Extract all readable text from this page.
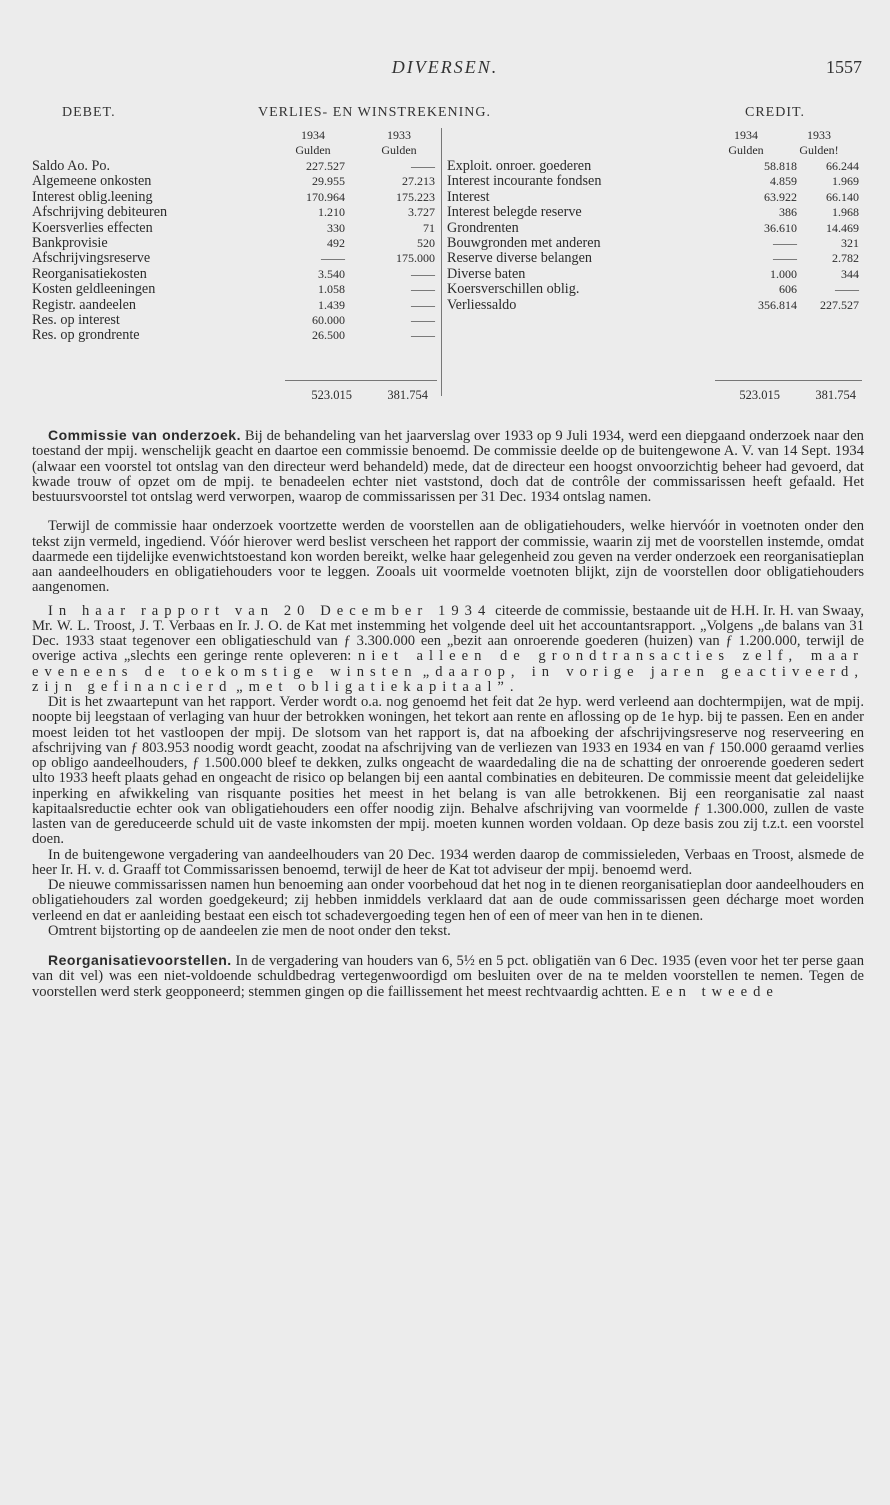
DIVERSEN.	1557
DEBET.	VERLIES- EN WINSTREKENING.	CREDIT.
1934
Gulden
1933
Gulden
1934
Gulden
1933
Gulden!
Saldo Ao. Po.	227.527	——
Algemeene onkosten	29.955	27.213
Interest oblig.leening	170.964	175.223
Afschrijving debiteuren	1.210	3.727
Koersverlies effecten	330	71
Bankprovisie	492	520
Afschrijvingsreserve	——	175.000
Reorganisatiekosten	3.540	——
Kosten geldleeningen	1.058	——
Registr. aandeelen	1.439	——
Res. op interest	60.000	——
Res. op grondrente	26.500	——
Exploit. onroer. goederen	58.818	66.244
Interest incourante fondsen	4.859	1.969
Interest	63.922	66.140
Interest belegde reserve	386	1.968
Grondrenten	36.610	14.469
Bouwgronden met anderen	——	321
Reserve diverse belangen	——	2.782
Diverse baten	1.000	344
Koersverschillen oblig.	606	——
Verliessaldo	356.814	227.527
523.015	381.754	523.015	381.754

Commissie van onderzoek. Bij de behandeling van het jaarverslag over 1933 op 9 Juli 1934, werd een diepgaand onderzoek naar den toestand der mpij. wenschelijk geacht en daartoe een commissie benoemd. De commissie deelde op de buitengewone A. V. van 14 Sept. 1934 (alwaar een voorstel tot ontslag van den directeur werd behandeld) mede, dat de directeur een hoogst onvoorzichtig beheer had gevoerd, dat kwade trouw of opzet om de mpij. te benadeelen echter niet vaststond, doch dat de contrôle der commissarissen heeft gefaald. Het bestuursvoorstel tot ontslag werd verworpen, waarop de commissarissen per 31 Dec. 1934 ontslag namen.

Terwijl de commissie haar onderzoek voortzette werden de voorstellen aan de obligatiehouders, welke hiervóór in voetnoten onder den tekst zijn vermeld, ingediend. Vóór hierover werd beslist verscheen het rapport der commissie, waarin zij met de voorstellen instemde, omdat daarmede een tijdelijke evenwichtstoestand kon worden bereikt, welke haar gelegenheid zou geven na verder onderzoek een reorganisatieplan aan aandeelhouders en obligatiehouders voor te leggen. Zooals uit voormelde voetnoten blijkt, zijn de voorstellen door obligatiehouders aangenomen.

In haar rapport van 20 December 1934 citeerde de commissie, bestaande uit de H.H. Ir. H. van Swaay, Mr. W. L. Troost, J. T. Verbaas en Ir. J. O. de Kat met instemming het volgende deel uit het accountantsrapport. „Volgens „de balans van 31 Dec. 1933 staat tegenover een obligatieschuld van ƒ 3.300.000 een „bezit aan onroerende goederen (huizen) van ƒ 1.200.000, terwijl de overige activa „slechts een geringe rente opleveren: niet alleen de grondtransacties zelf, maar eveneens de toekomstige winsten „daarop, in vorige jaren geactiveerd, zijn gefinancierd „met obligatiekapitaal”.

Dit is het zwaartepunt van het rapport. Verder wordt o.a. nog genoemd het feit dat 2e hyp. werd verleend aan dochtermpijen, wat de mpij. noopte bij leegstaan of verlaging van huur der betrokken woningen, het tekort aan rente en aflossing op de 1e hyp. bij te passen. Een en ander moest leiden tot het vastloopen der mpij. De slotsom van het rapport is, dat na afboeking der afschrijvingsreserve nog reserveering en afschrijving van ƒ 803.953 noodig wordt geacht, zoodat na afschrijving van de verliezen van 1933 en 1934 en van ƒ 150.000 geraamd verlies op obligo aandeelhouders, ƒ 1.500.000 bleef te dekken, zulks ongeacht de waardedaling die na de schatting der onroerende goederen sedert ulto 1933 heeft plaats gehad en ongeacht de risico op belangen bij een aantal combinaties en debiteuren. De commissie meent dat geleidelijke inperking en afwikkeling van risquante posities het meest in het belang is van alle betrokkenen. Bij een reorganisatie zal naast kapitaalsreductie echter ook van obligatiehouders een offer noodig zijn. Behalve afschrijving van voormelde ƒ 1.300.000, zullen de vaste lasten van de gereduceerde schuld uit de vaste inkomsten der mpij. moeten kunnen worden voldaan. Op deze basis zou zij t.z.t. een voorstel doen.

In de buitengewone vergadering van aandeelhouders van 20 Dec. 1934 werden daarop de commissieleden, Verbaas en Troost, alsmede de heer Ir. H. v. d. Graaff tot Commissarissen benoemd, terwijl de heer de Kat tot adviseur der mpij. benoemd werd.

De nieuwe commissarissen namen hun benoeming aan onder voorbehoud dat het nog in te dienen reorganisatieplan door aandeelhouders en obligatiehouders zal worden goedgekeurd; zij hebben inmiddels verklaard dat aan de oude commissarissen geen décharge moet worden verleend en dat er aanleiding bestaat een eisch tot schadevergoeding tegen hen of een of meer van hen in te dienen.

Omtrent bijstorting op de aandeelen zie men de noot onder den tekst.

Reorganisatievoorstellen. In de vergadering van houders van 6, 5½ en 5 pct. obligatiën van 6 Dec. 1935 (even voor het ter perse gaan van dit vel) was een niet-voldoende schuldbedrag vertegenwoordigd om besluiten over de na te melden voorstellen te nemen. Tegen de voorstellen werd sterk geopponeerd; stemmen gingen op die faillissement het meest rechtvaardig achtten. Een tweede
